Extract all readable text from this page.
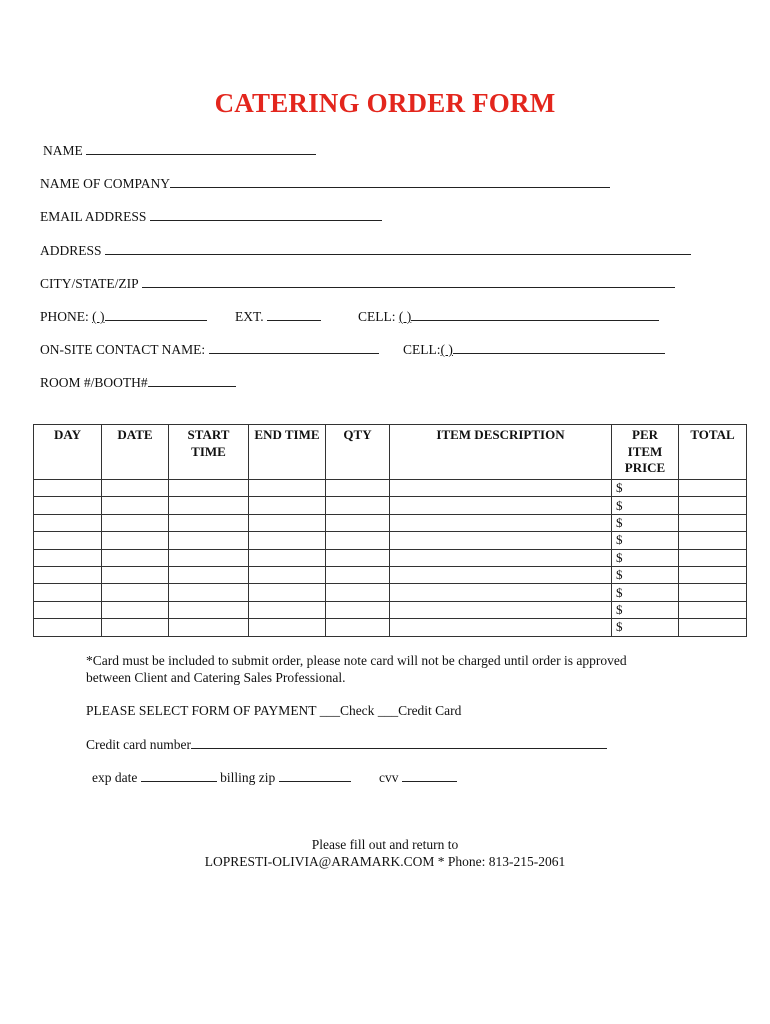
CATERING ORDER FORM
NAME
NAME OF COMPANY
EMAIL ADDRESS
ADDRESS
CITY/STATE/ZIP
PHONE: ( )	EXT.	CELL: ( )
ON-SITE CONTACT NAME:	CELL:( )
ROOM #/BOOTH#
DAY	DATE	START TIME	END TIME	QTY	ITEM DESCRIPTION	PER ITEM PRICE	TOTAL
						$	
						$	
						$	
						$	
						$	
						$	
						$	
						$	
						$	
*Card must be included to submit order, please note card will not be charged until order is approved
between Client and Catering Sales Professional.
PLEASE SELECT FORM OF PAYMENT ___Check ___Credit Card
Credit card number
exp date	billing zip	cvv
Please fill out and return to
LOPRESTI-OLIVIA@ARAMARK.COM * Phone: 813-215-2061
